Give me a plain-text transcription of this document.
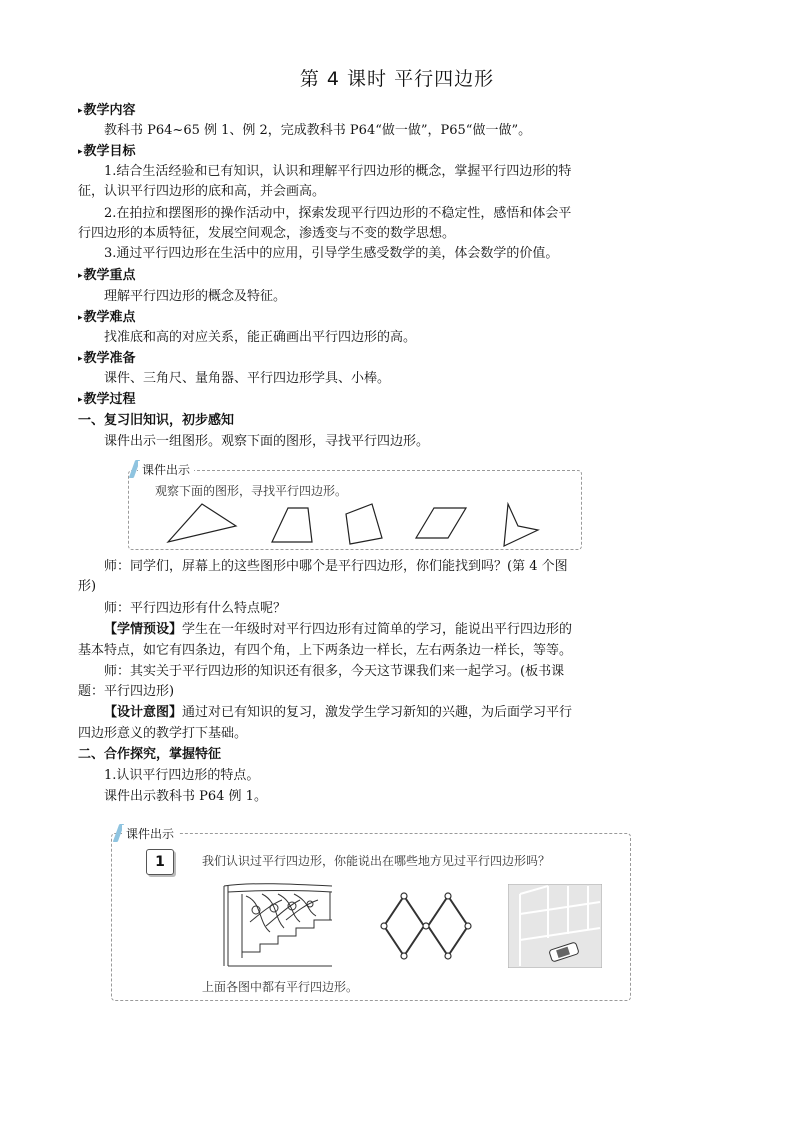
第 4 课时 平行四边形
▸教学内容
教科书 P64~65 例 1、例 2，完成教科书 P64“做一做”，P65“做一做”。
▸教学目标
1.结合生活经验和已有知识，认识和理解平行四边形的概念，掌握平行四边形的特
征，认识平行四边形的底和高，并会画高。
2.在拍拉和摆图形的操作活动中，探索发现平行四边形的不稳定性，感悟和体会平
行四边形的本质特征，发展空间观念，渗透变与不变的数学思想。
3.通过平行四边形在生活中的应用，引导学生感受数学的美，体会数学的价值。
▸教学重点
理解平行四边形的概念及特征。
▸教学难点
找准底和高的对应关系，能正确画出平行四边形的高。
▸教学准备
课件、三角尺、量角器、平行四边形学具、小棒。
▸教学过程
一、复习旧知识，初步感知
课件出示一组图形。观察下面的图形，寻找平行四边形。
课件出示
观察下面的图形，寻找平行四边形。
师：同学们，屏幕上的这些图形中哪个是平行四边形，你们能找到吗？(第 4 个图
形)
师：平行四边形有什么特点呢？
【学情预设】学生在一年级时对平行四边形有过简单的学习，能说出平行四边形的
基本特点，如它有四条边，有四个角，上下两条边一样长，左右两条边一样长，等等。
师：其实关于平行四边形的知识还有很多，今天这节课我们来一起学习。(板书课
题：平行四边形)
【设计意图】通过对已有知识的复习，激发学生学习新知的兴趣，为后面学习平行
四边形意义的教学打下基础。
二、合作探究，掌握特征
1.认识平行四边形的特点。
课件出示教科书 P64 例 1。
课件出示
1	我们认识过平行四边形，你能说出在哪些地方见过平行四边形吗？
上面各图中都有平行四边形。
